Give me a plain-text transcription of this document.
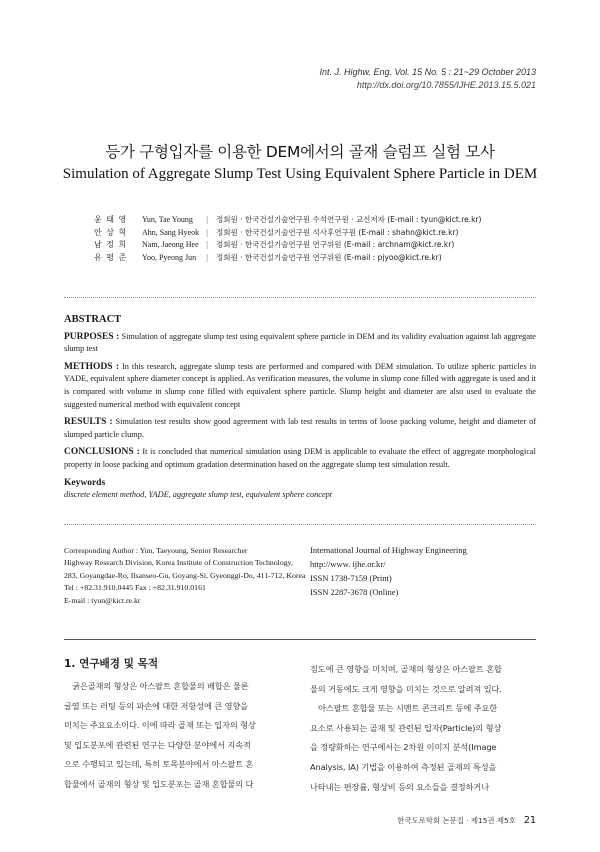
Int. J. Highw. Eng. Vol. 15 No. 5 : 21~29 October 2013
http://dx.doi.org/10.7855/IJHE.2013.15.5.021
등가 구형입자를 이용한 DEM에서의 골재 슬럼프 실험 모사
Simulation of Aggregate Slump Test Using Equivalent Sphere Particle in DEM
윤 태 영	Yun, Tae Young	|	정회원 · 한국건설기술연구원 수석연구원 · 교신저자 (E-mail : tyun@kict.re.kr)
안 상 혁	Ahn, Sang Hyeok |	정회원 · 한국건설기술연구원 석사후연구원 (E-mail : shahn@kict.re.kr)
남 정 희	Nam, Jaeong Hee |	정회원 · 한국건설기술연구원 연구위원 (E-mail : archnam@kict.re.kr)
유 평 준	Yoo, Pyeong Jun	|	정회원 · 한국건설기술연구원 연구위원 (E-mail : pjyoo@kict.re.kr)
ABSTRACT

PURPOSES : Simulation of aggregate slump test using equivalent sphere particle in DEM and its validity evaluation against lab aggregate slump test

METHODS : In this research, aggregate slump tests are performed and compared with DEM simulation. To utilize spheric particles in YADE, equivalent sphere diameter concept is applied. As verification measures, the volume in slump cone filled with aggregate is used and it is compared with volume in slump cone filled with equivalent sphere particle. Slump height and diameter are also used to evaluate the suggested numerical method with equivalent concept

RESULTS : Simulation test results show good agreement with lab test results in terms of loose packing volume, height and diameter of slumped particle clump.

CONCLUSIONS : It is concluded that numerical simulation using DEM is applicable to evaluate the effect of aggregate morphological property in loose packing and optimum gradation determination based on the aggregate slump test simulation result.

Keywords

discrete element method, YADE, aggregate slump test, equivalent sphere concept

Corresponding Author : Yun, Taeyoung, Senior Researcher
Highway Research Division, Korea Institute of Construction Technology,
283, Goyangdae-Ro, Ilsanseo-Gu, Goyang-Si, Gyeonggi-Do, 411-712, Korea
Tel : +82.31.910.0445 Fax : +82.31.910.0161
E-mail : tyun@kict.re.kr
International Journal of Highway Engineering
http://www. ijhe.or.kr/
ISSN 1738-7159 (Print)
ISSN 2287-3678 (Online)
1. 연구배경 및 목적
　굵은골재의 형상은 아스팔트 혼합물의 배합은 물론
굴열 또는 러팅 등의 파손에 대한 저항성에 큰 영향을
미치는 주요요소이다. 이에 따라 골재 또는 입자의 형상
및 입도분포에 관련된 연구는 다양한 분야에서 지속적
으로 수행되고 있는데, 특히 토목분야에서 아스팔트 혼
합물에서 골재의 형상 및 입도분포는 골재 혼합물의 다
짐도에 큰 영향을 미치며, 골재의 형상은 아스팔트 혼합
물의 거동에도 크게 영향을 미치는 것으로 알려져 있다.
　아스팔트 혼합물 또는 시멘트 콘크리트 등에 주요한
요소로 사용되는 골재 및 관련된 입자(Particle)의 형상
을 정량화하는 연구에서는 2차원 이미지 분석(Image
Analysis, IA) 기법을 이용하여 측정된 골재의 특성을
나타내는 편장률, 형상비 등의 요소들을 결정하거나
한국도로학회 논문집 · 제15권 제5호 21
